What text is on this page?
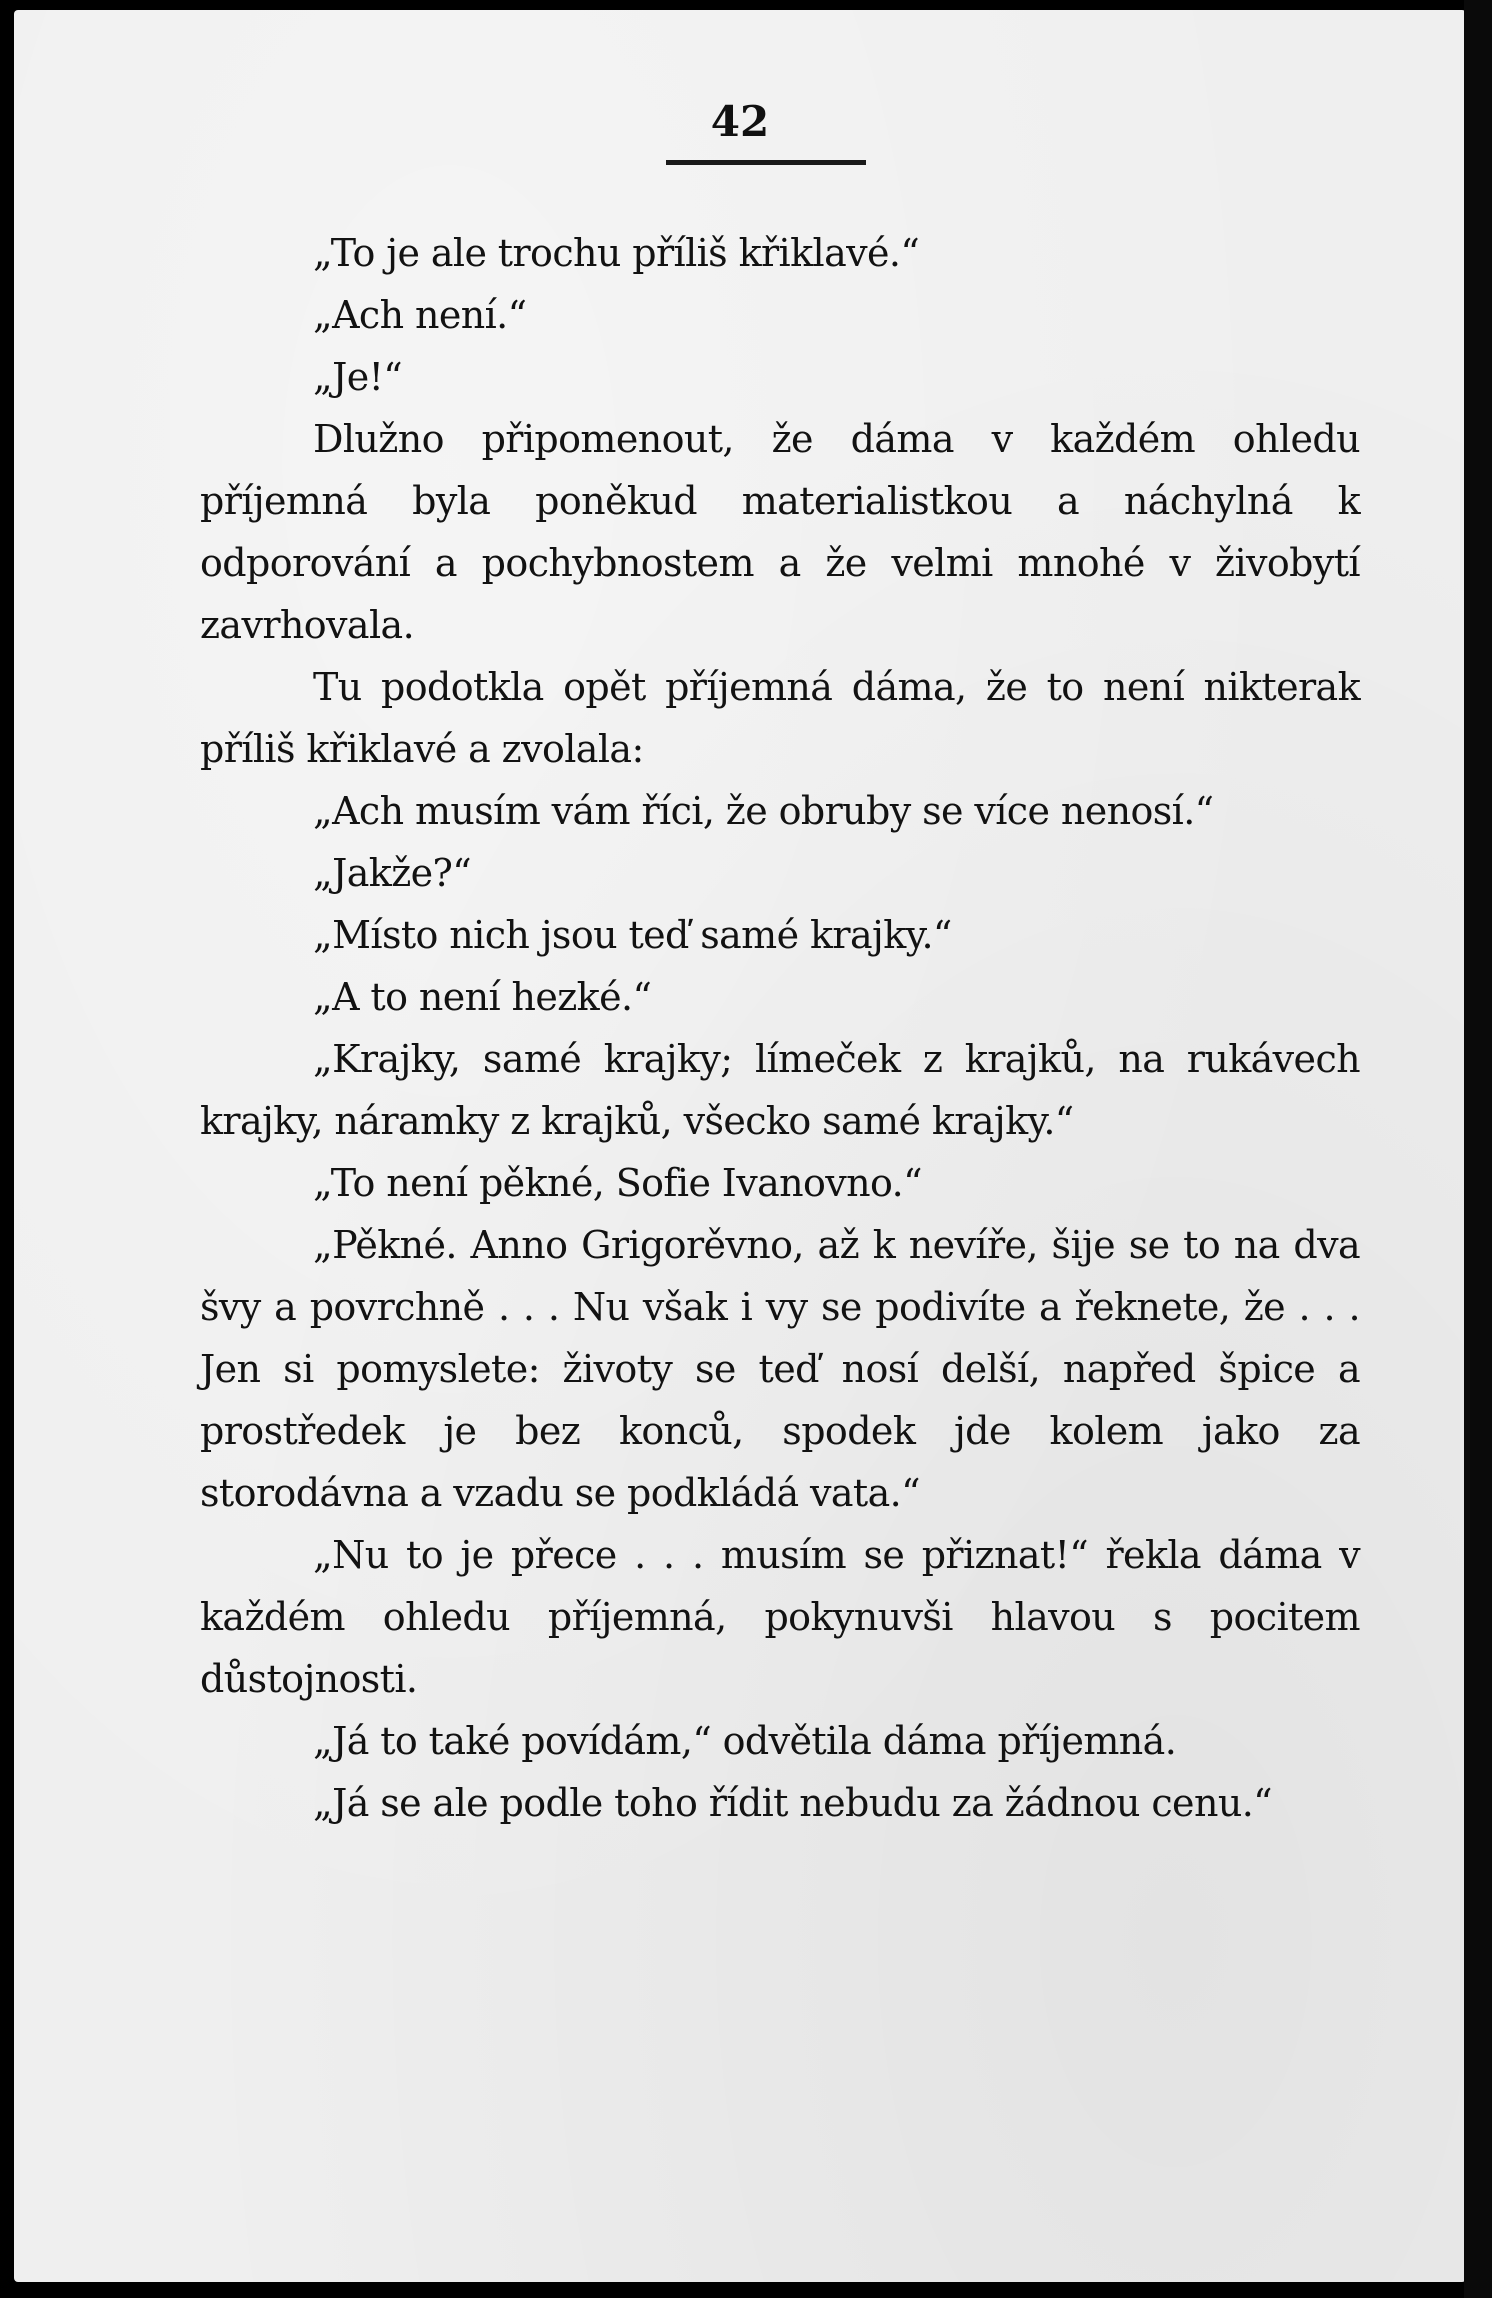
42

„To je ale trochu příliš křiklavé.“

„Ach není.“

„Je!“

Dlužno připomenout, že dáma v každém ohledu příjemná byla poněkud materialistkou a náchylná k odporování a pochybnostem a že velmi mnohé v živobytí zavrhovala.

Tu podotkla opět příjemná dáma, že to není nikterak příliš křiklavé a zvolala:

„Ach musím vám říci, že obruby se více nenosí.“

„Jakže?“

„Místo nich jsou teď samé krajky.“

„A to není hezké.“

„Krajky, samé krajky; límeček z krajků, na rukávech krajky, náramky z krajků, všecko samé krajky.“

„To není pěkné, Sofie Ivanovno.“

„Pěkné. Anno Grigorěvno, až k nevíře, šije se to na dva švy a povrchně . . . Nu však i vy se podivíte a řeknete, že . . . Jen si pomyslete: životy se teď nosí delší, napřed špice a prostředek je bez konců, spodek jde kolem jako za storodávna a vzadu se podkládá vata.“

„Nu to je přece . . . musím se přiznat!“ řekla dáma v každém ohledu příjemná, pokynuvši hlavou s pocitem důstojnosti.

„Já to také povídám,“ odvětila dáma příjemná.

„Já se ale podle toho řídit nebudu za žádnou cenu.“
